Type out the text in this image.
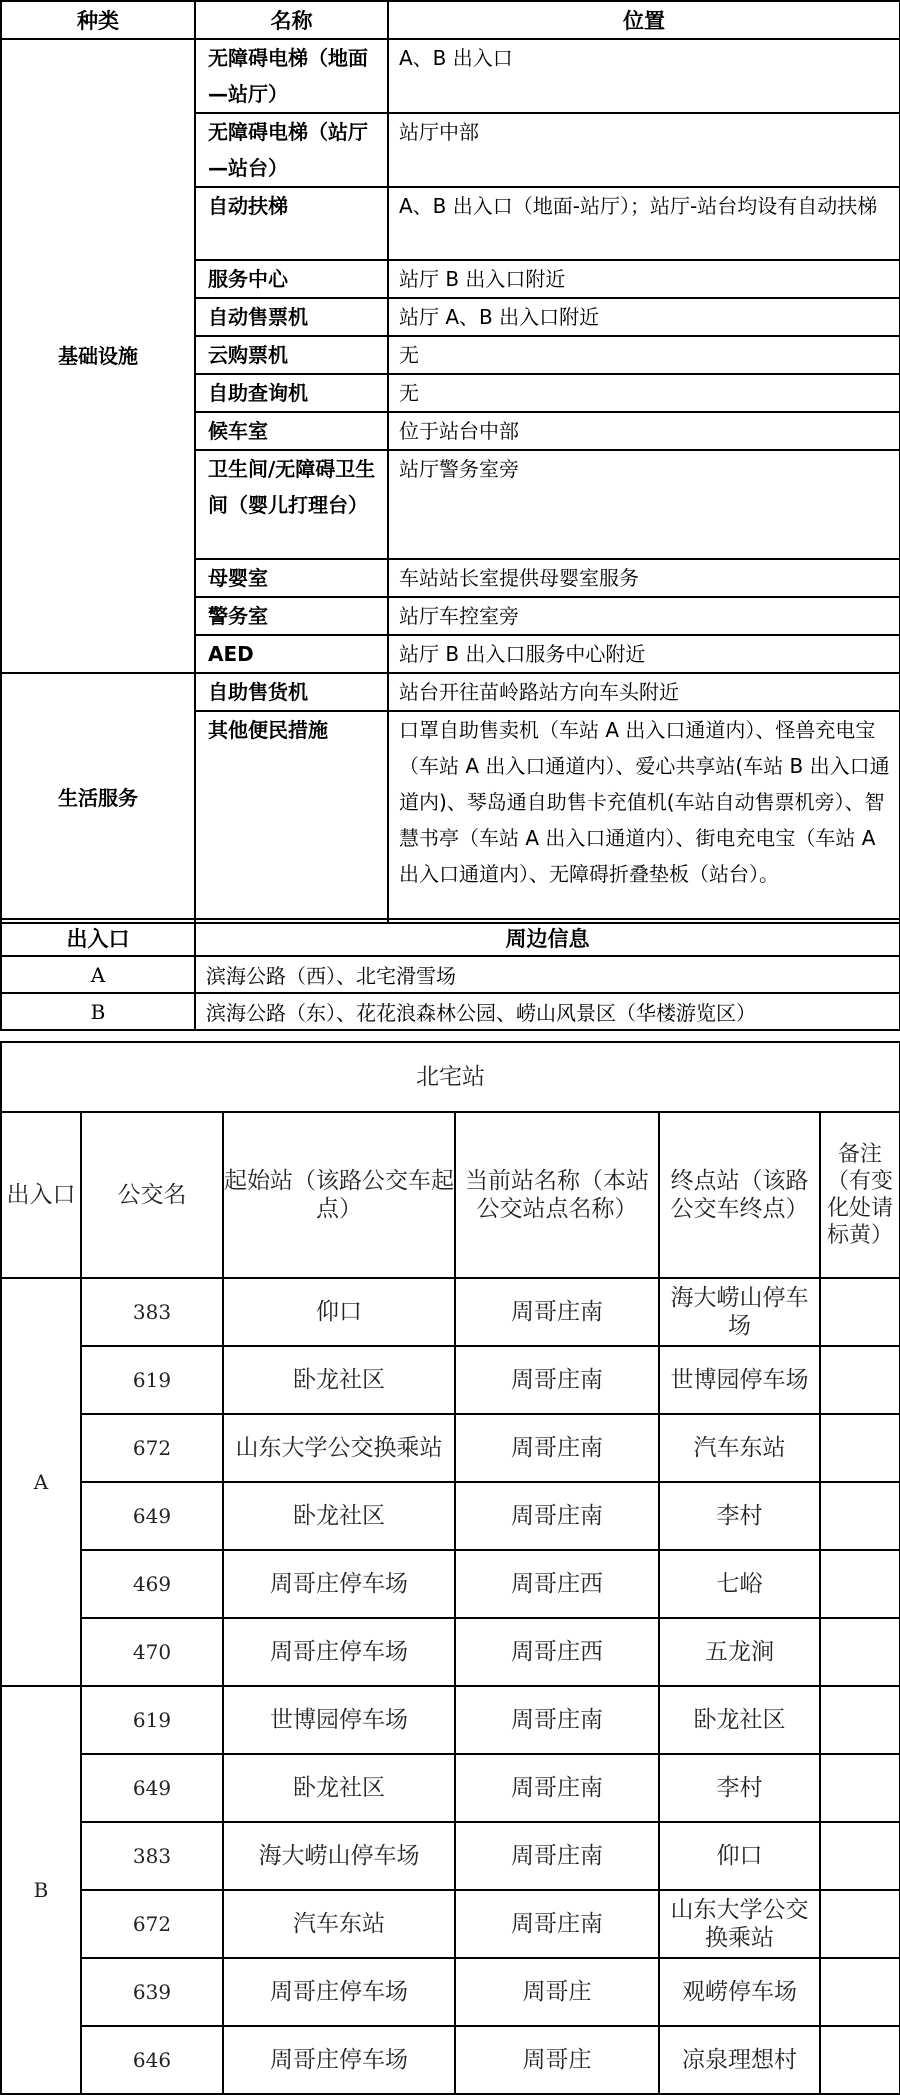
种类	名称	位置
基础设施	无障碍电梯（地面—站厅）	A、B 出入口
	无障碍电梯（站厅—站台）	站厅中部
	自动扶梯	A、B 出入口（地面-站厅）；站厅-站台均设有自动扶梯
	服务中心	站厅 B 出入口附近
	自动售票机	站厅 A、B 出入口附近
	云购票机	无
	自助查询机	无
	候车室	位于站台中部
	卫生间/无障碍卫生间（婴儿打理台）	站厅警务室旁
	母婴室	车站站长室提供母婴室服务
	警务室	站厅车控室旁
	AED	站厅 B 出入口服务中心附近
生活服务	自助售货机	站台开往苗岭路站方向车头附近
	其他便民措施	口罩自助售卖机（车站 A 出入口通道内）、怪兽充电宝（车站 A 出入口通道内）、爱心共享站(车站 B 出入口通道内)、琴岛通自助售卡充值机(车站自动售票机旁）、智慧书亭（车站 A 出入口通道内）、街电充电宝（车站 A 出入口通道内）、无障碍折叠垫板（站台）。
出入口	周边信息
A	滨海公路（西）、北宅滑雪场
B	滨海公路（东）、花花浪森林公园、崂山风景区（华楼游览区）
北宅站					
出入口	公交名	起始站（该路公交车起点）	当前站名称（本站公交站点名称）	终点站（该路公交车终点）	备注（有变化处请标黄）
A	383	仰口	周哥庄南	海大崂山停车场	
	619	卧龙社区	周哥庄南	世博园停车场	
	672	山东大学公交换乘站	周哥庄南	汽车东站	
	649	卧龙社区	周哥庄南	李村	
	469	周哥庄停车场	周哥庄西	七峪	
	470	周哥庄停车场	周哥庄西	五龙涧	
B	619	世博园停车场	周哥庄南	卧龙社区	
	649	卧龙社区	周哥庄南	李村	
	383	海大崂山停车场	周哥庄南	仰口	
	672	汽车东站	周哥庄南	山东大学公交换乘站	
	639	周哥庄停车场	周哥庄	观崂停车场	
	646	周哥庄停车场	周哥庄	凉泉理想村	
